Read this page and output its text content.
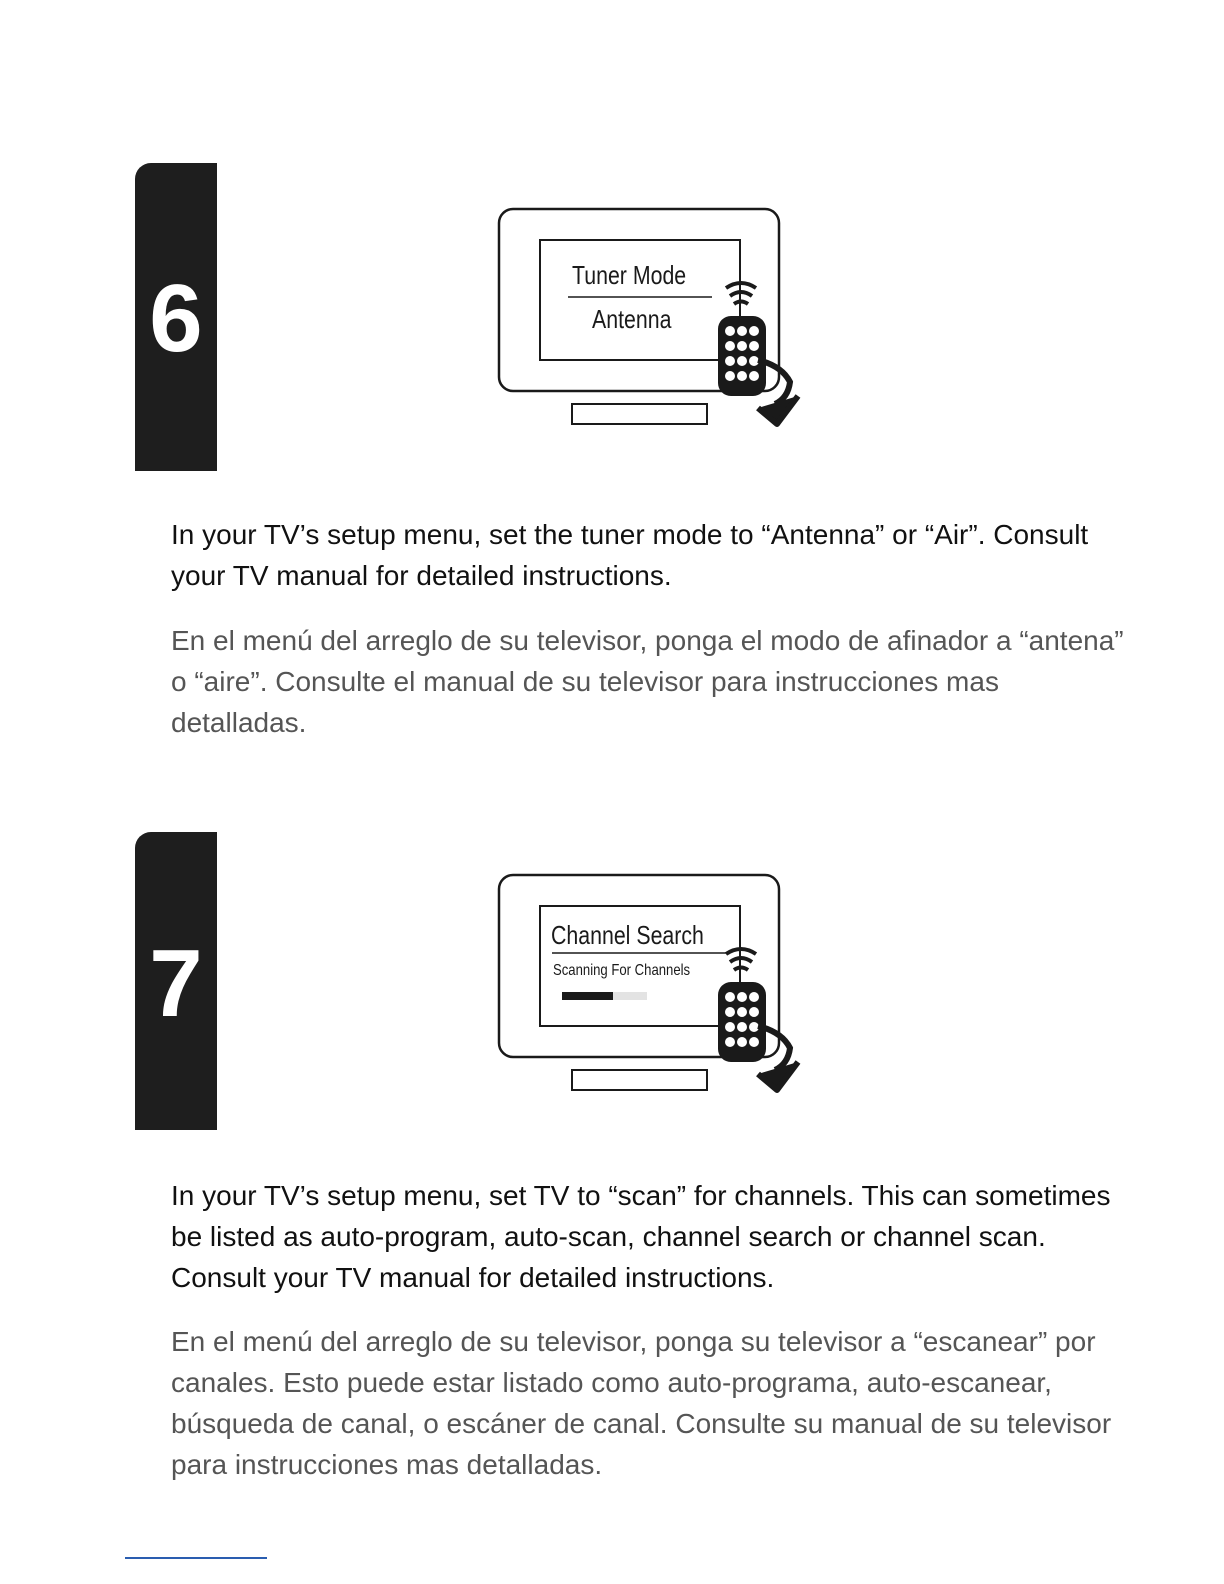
6	Tuner Mode
Antenna
In your TV’s setup menu, set the tuner mode to “Antenna” or “Air”. Consult your TV manual for detailed instructions.
En el menú del arreglo de su televisor, ponga el modo de afinador a “antena” o “aire”. Consulte el manual de su televisor para instrucciones mas detalladas.
7	Channel Search
Scanning For Channels
In your TV’s setup menu, set TV to “scan” for channels. This can sometimes be listed as auto-program, auto-scan, channel search or channel scan. Consult your TV manual for detailed instructions.
En el menú del arreglo de su televisor, ponga su televisor a “escanear” por canales. Esto puede estar listado como auto-programa, auto-escanear, búsqueda de canal, o escáner de canal. Consulte su manual de su televisor para instrucciones mas detalladas.
